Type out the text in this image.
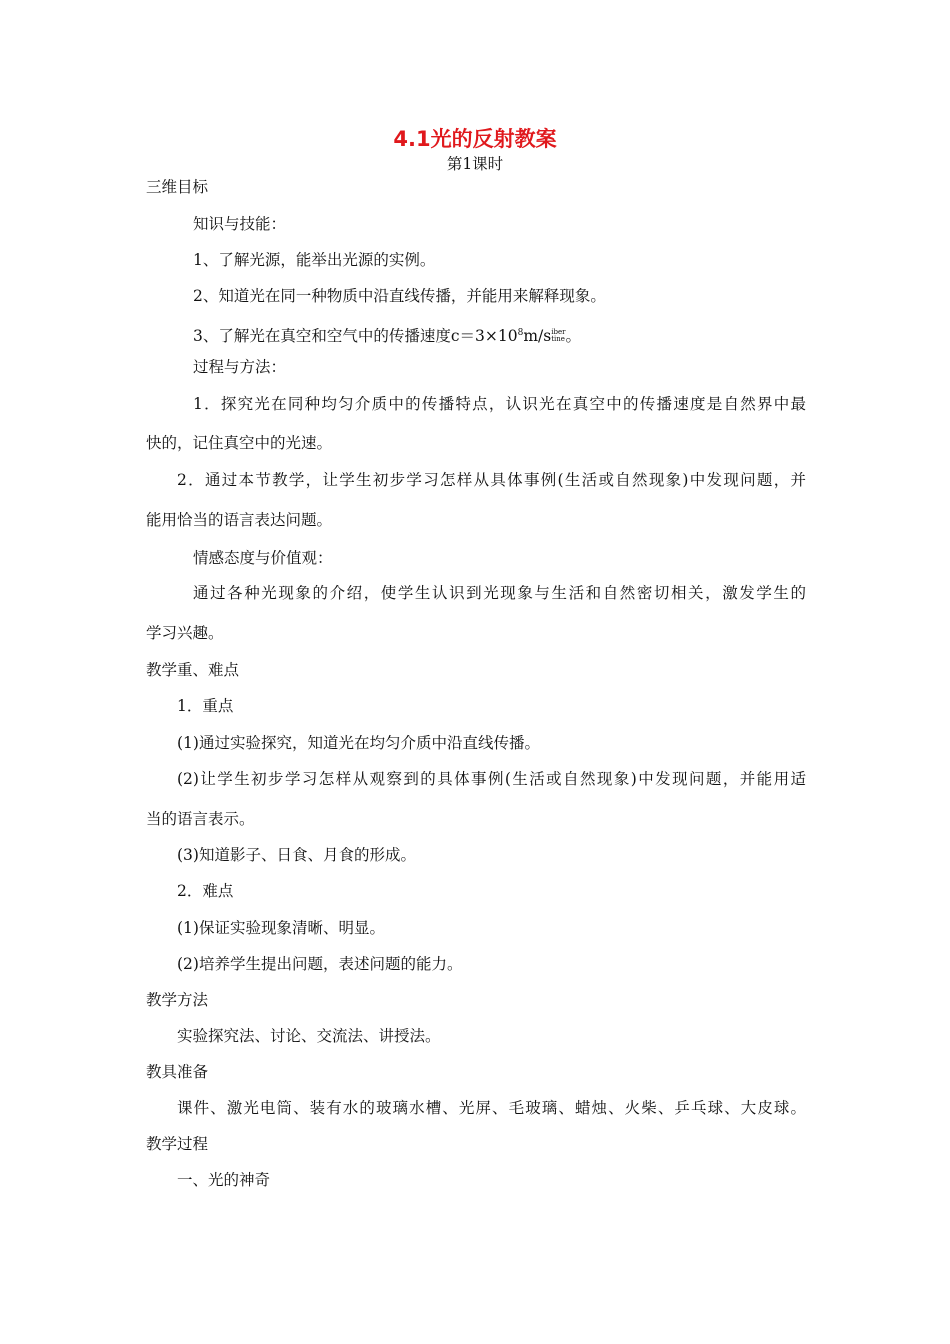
4.1光的反射教案
第1课时
三维目标
知识与技能：
1、了解光源，能举出光源的实例。
2、知道光在同一种物质中沿直线传播，并能用来解释现象。
3、了解光在真空和空气中的传播速度$c=3\times 10^8m$/siber
tine。
过程与方法：
1．探究光在同种均匀介质中的传播特点，认识光在真空中的传播速度是自然界中最
快的，记住真空中的光速。
2．通过本节教学，让学生初步学习怎样从具体事例(生活或自然现象)中发现问题，并
能用恰当的语言表达问题。
情感态度与价值观：
通过各种光现象的介绍，使学生认识到光现象与生活和自然密切相关，激发学生的
学习兴趣。
教学重、难点
1．重点
(1)通过实验探究，知道光在均匀介质中沿直线传播。
(2)让学生初步学习怎样从观察到的具体事例(生活或自然现象)中发现问题，并能用适
当的语言表示。
(3)知道影子、日食、月食的形成。
2．难点
(1)保证实验现象清晰、明显。
(2)培养学生提出问题，表述问题的能力。
教学方法
实验探究法、讨论、交流法、讲授法。
教具准备
课件、激光电筒、装有水的玻璃水槽、光屏、毛玻璃、蜡烛、火柴、乒乓球、大皮球。
教学过程
一、光的神奇
